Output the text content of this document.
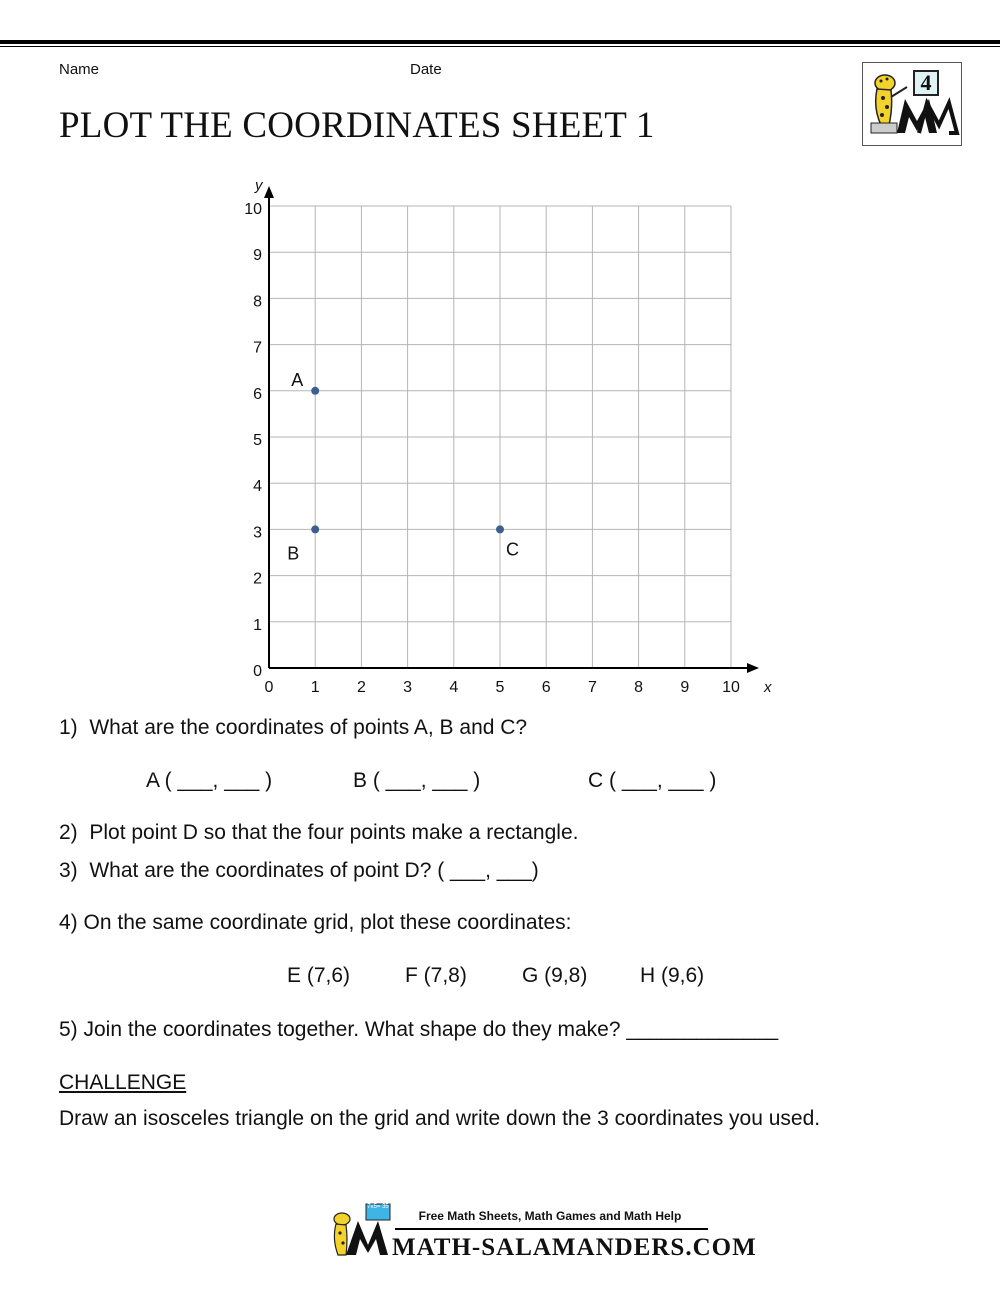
Name	Date
PLOT THE COORDINATES SHEET 1
4
0 1 2 3 4 5 6 7 8 9 10
0
1
2
3
4
5
6
7
8
9
10
x
y
A
B	C
1)  What are the coordinates of points A, B and C?
A ( ___, ___ )	B ( ___, ___ )	C ( ___, ___ )
2)  Plot point D so that the four points make a rectangle.
3)  What are the coordinates of point D? ( ___, ___)
4) On the same coordinate grid, plot these coordinates:
E (7,6)	F (7,8)	G (9,8)	H (9,6)
5) Join the coordinates together. What shape do they make? _____________
CHALLENGE
Draw an isosceles triangle on the grid and write down the 3 coordinates you used.
Free Math Sheets, Math Games and Math Help
MATH-SALAMANDERS.COM
7x5= 35
